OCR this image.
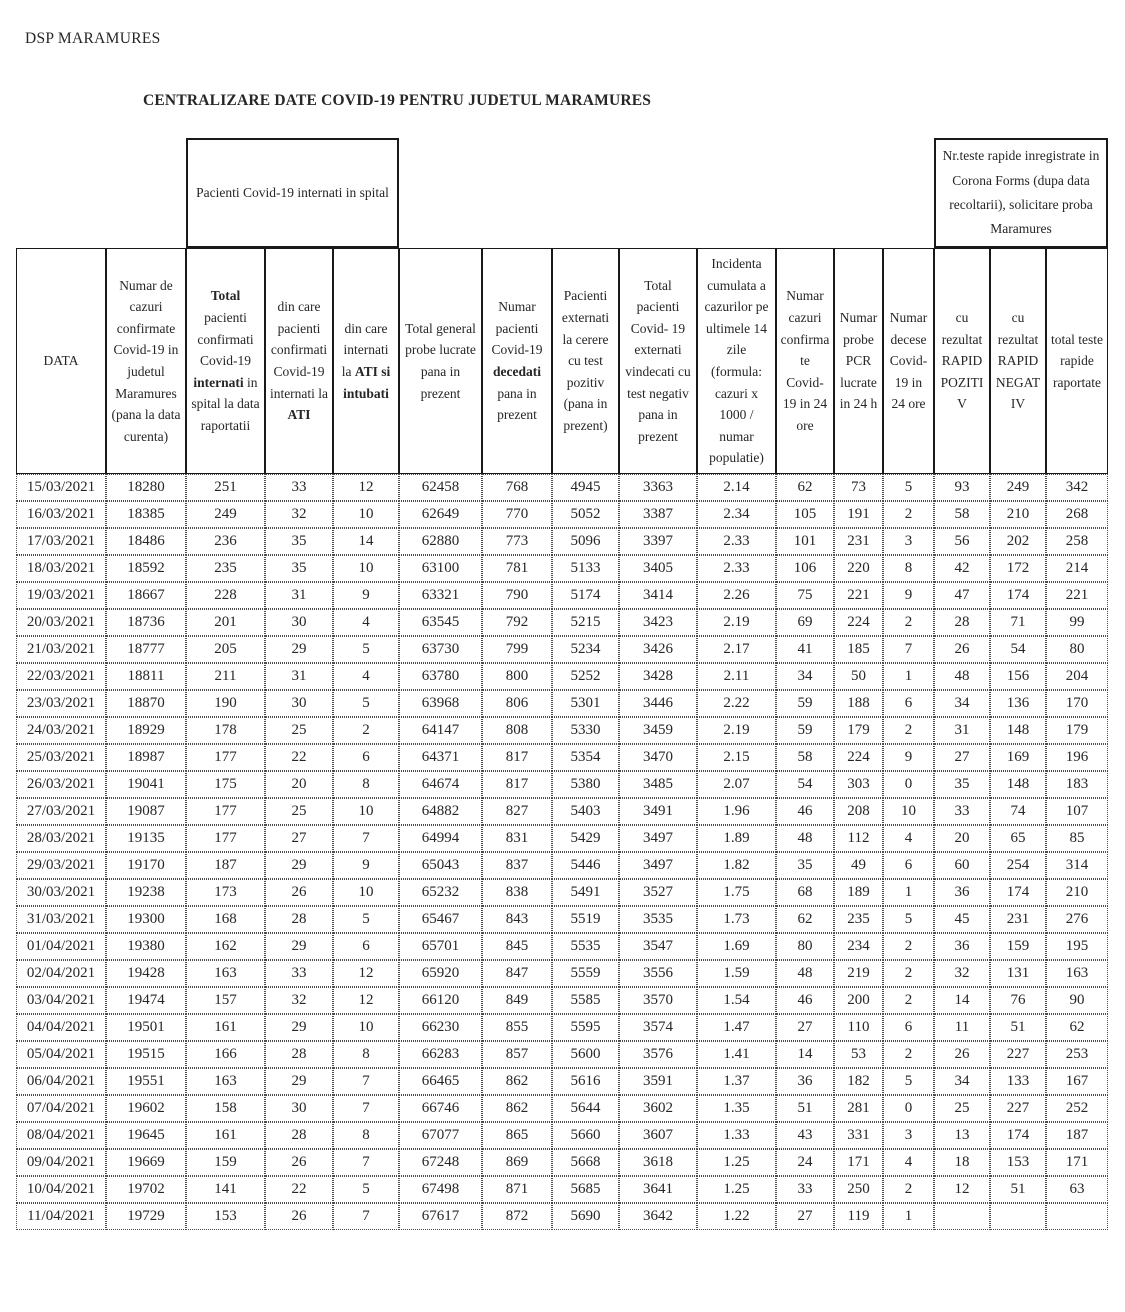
DSP MARAMURES
CENTRALIZARE DATE COVID-19 PENTRU JUDETUL MARAMURES
		Pacienti Covid-19 internati in spital											Nr.teste rapide inregistrate in Corona Forms (dupa data recoltarii), solicitare proba Maramures		
DATA	Numar de cazuri confirmate Covid-19 in judetul Maramures (pana la data curenta)	Total pacienti confirmati Covid-19 internati in spital la data raportatii	din care pacienti confirmati Covid-19 internati la ATI	din care internati la ATI si intubati	Total general probe lucrate pana in prezent	Numar pacienti Covid-19 decedati pana in prezent	Pacienti externati la cerere cu test pozitiv (pana in prezent)	Total pacienti Covid- 19 externati vindecati cu test negativ pana in prezent	Incidenta cumulata a cazurilor pe ultimele 14 zile (formula: cazuri x 1000 / numar populatie)	Numar cazuri confirmate Covid-19 in 24 ore	Numar probe PCR lucrate in 24 h	Numar decese Covid-19 in 24 ore	cu rezultat RAPID POZITIV	cu rezultat RAPID NEGATIV	total teste rapide raportate
15/03/2021	18280	251	33	12	62458	768	4945	3363	2.14	62	73	5	93	249	342
16/03/2021	18385	249	32	10	62649	770	5052	3387	2.34	105	191	2	58	210	268
17/03/2021	18486	236	35	14	62880	773	5096	3397	2.33	101	231	3	56	202	258
18/03/2021	18592	235	35	10	63100	781	5133	3405	2.33	106	220	8	42	172	214
19/03/2021	18667	228	31	9	63321	790	5174	3414	2.26	75	221	9	47	174	221
20/03/2021	18736	201	30	4	63545	792	5215	3423	2.19	69	224	2	28	71	99
21/03/2021	18777	205	29	5	63730	799	5234	3426	2.17	41	185	7	26	54	80
22/03/2021	18811	211	31	4	63780	800	5252	3428	2.11	34	50	1	48	156	204
23/03/2021	18870	190	30	5	63968	806	5301	3446	2.22	59	188	6	34	136	170
24/03/2021	18929	178	25	2	64147	808	5330	3459	2.19	59	179	2	31	148	179
25/03/2021	18987	177	22	6	64371	817	5354	3470	2.15	58	224	9	27	169	196
26/03/2021	19041	175	20	8	64674	817	5380	3485	2.07	54	303	0	35	148	183
27/03/2021	19087	177	25	10	64882	827	5403	3491	1.96	46	208	10	33	74	107
28/03/2021	19135	177	27	7	64994	831	5429	3497	1.89	48	112	4	20	65	85
29/03/2021	19170	187	29	9	65043	837	5446	3497	1.82	35	49	6	60	254	314
30/03/2021	19238	173	26	10	65232	838	5491	3527	1.75	68	189	1	36	174	210
31/03/2021	19300	168	28	5	65467	843	5519	3535	1.73	62	235	5	45	231	276
01/04/2021	19380	162	29	6	65701	845	5535	3547	1.69	80	234	2	36	159	195
02/04/2021	19428	163	33	12	65920	847	5559	3556	1.59	48	219	2	32	131	163
03/04/2021	19474	157	32	12	66120	849	5585	3570	1.54	46	200	2	14	76	90
04/04/2021	19501	161	29	10	66230	855	5595	3574	1.47	27	110	6	11	51	62
05/04/2021	19515	166	28	8	66283	857	5600	3576	1.41	14	53	2	26	227	253
06/04/2021	19551	163	29	7	66465	862	5616	3591	1.37	36	182	5	34	133	167
07/04/2021	19602	158	30	7	66746	862	5644	3602	1.35	51	281	0	25	227	252
08/04/2021	19645	161	28	8	67077	865	5660	3607	1.33	43	331	3	13	174	187
09/04/2021	19669	159	26	7	67248	869	5668	3618	1.25	24	171	4	18	153	171
10/04/2021	19702	141	22	5	67498	871	5685	3641	1.25	33	250	2	12	51	63
11/04/2021	19729	153	26	7	67617	872	5690	3642	1.22	27	119	1			
